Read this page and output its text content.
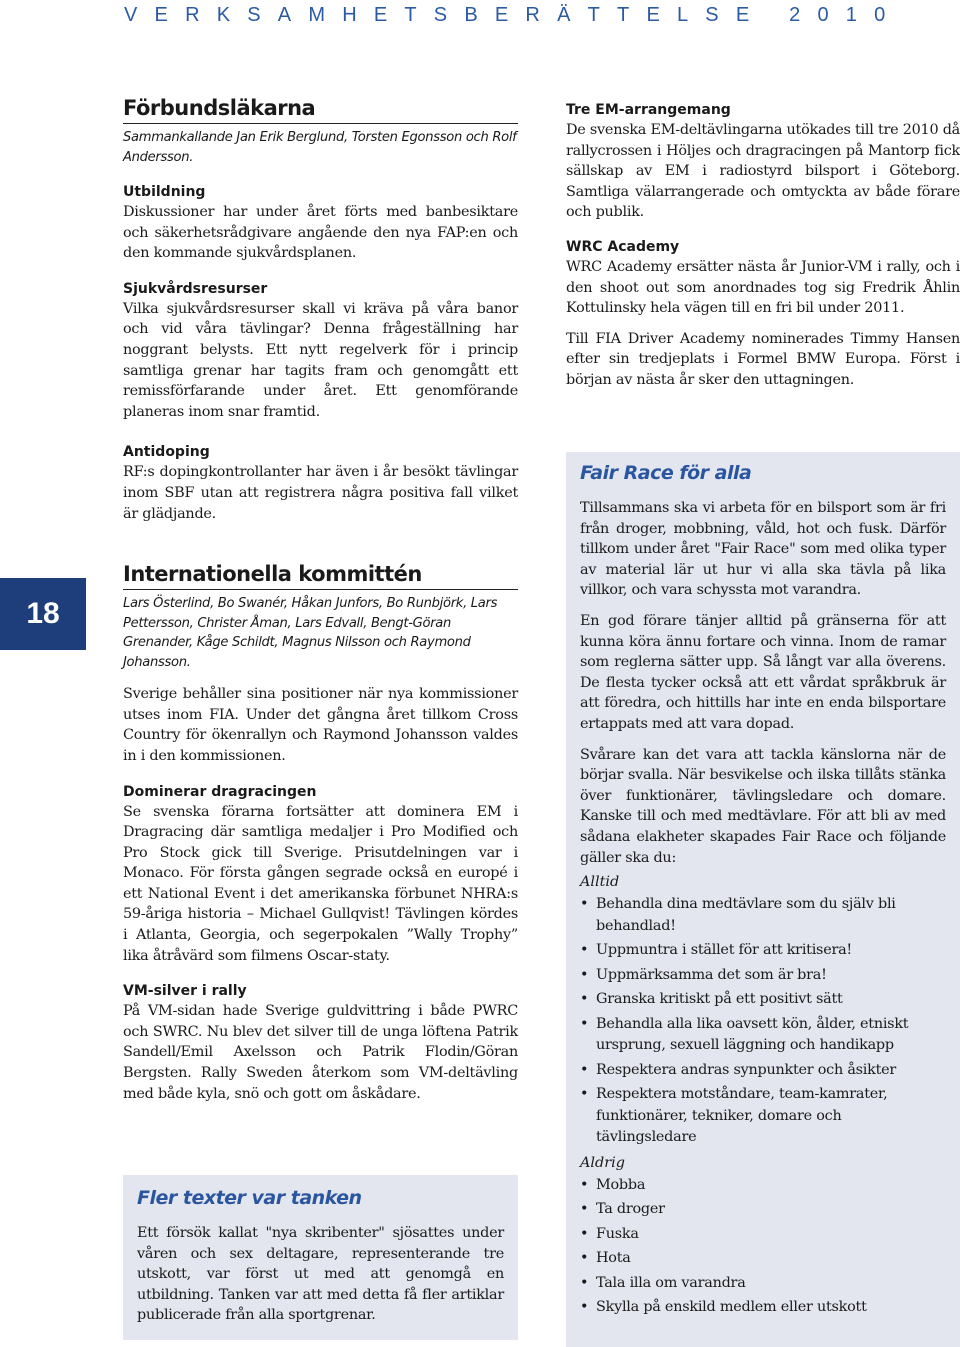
VERKSAMHETSBERÄTTELSE 2010
18
Förbundsläkarna

Sammankallande Jan Erik Berglund, Torsten Egonsson och Rolf Andersson.

Utbildning

Diskussioner har under året förts med banbesiktare och säkerhetsrådgivare angående den nya FAP:en och den kommande sjukvårdsplanen.

Sjukvårdsresurser

Vilka sjukvårdsresurser skall vi kräva på våra banor och vid våra tävlingar? Denna frågeställning har noggrant belysts. Ett nytt regelverk för i princip samtliga grenar har tagits fram och genomgått ett remissförfarande under året. Ett genomförande planeras inom snar framtid.

Antidoping

RF:s dopingkontrollanter har även i år besökt tävlingar inom SBF utan att registrera några positiva fall vilket är glädjande.

Internationella kommittén

Lars Österlind, Bo Swanér, Håkan Junfors, Bo Runbjörk, Lars Pettersson, Christer Åman, Lars Edvall, Bengt-Göran Grenander, Kåge Schildt, Magnus Nilsson och Raymond Johansson.

Sverige behåller sina positioner när nya kommissioner utses inom FIA. Under det gångna året tillkom Cross Country för ökenrallyn och Raymond Johansson valdes in i den kommissionen.

Dominerar dragracingen

Se svenska förarna fortsätter att dominera EM i Dragracing där samtliga medaljer i Pro Modified och Pro Stock gick till Sverige. Prisutdelningen var i Monaco. För första gången segrade också en europé i ett National Event i det amerikanska förbunet NHRA:s 59-åriga historia – Michael Gullqvist! Tävlingen kördes i Atlanta, Georgia, och segerpokalen ”Wally Trophy” lika åtråvärd som filmens Oscar-staty.

VM-silver i rally

På VM-sidan hade Sverige guldvittring i både PWRC och SWRC. Nu blev det silver till de unga löftena Patrik Sandell/Emil Axelsson och Patrik Flodin/Göran Bergsten. Rally Sweden återkom som VM-deltävling med både kyla, snö och gott om åskådare.

Fler texter var tanken

Ett försök kallat "nya skribenter" sjösattes under våren och sex deltagare, representerande tre utskott, var först ut med att genomgå en utbildning. Tanken var att med detta få fler artiklar publicerade från alla sportgrenar.

Tre EM-arrangemang

De svenska EM-deltävlingarna utökades till tre 2010 då rallycrossen i Höljes och dragracingen på Mantorp fick sällskap av EM i radiostyrd bilsport i Göteborg. Samtliga välarrangerade och omtyckta av både förare och publik.

WRC Academy

WRC Academy ersätter nästa år Junior-VM i rally, och i den shoot out som anordnades tog sig Fredrik Åhlin Kottulinsky hela vägen till en fri bil under 2011.

Till FIA Driver Academy nominerades Timmy Hansen efter sin tredjeplats i Formel BMW Europa. Först i början av nästa år sker den uttagningen.

Fair Race för alla

Tillsammans ska vi arbeta för en bilsport som är fri från droger, mobbning, våld, hot och fusk. Därför tillkom under året "Fair Race" som med olika typer av material lär ut hur vi alla ska tävla på lika villkor, och vara schyssta mot varandra.

En god förare tänjer alltid på gränserna för att kunna köra ännu fortare och vinna. Inom de ramar som reglerna sätter upp. Så långt var alla överens. De flesta tycker också att ett vårdat språkbruk är att föredra, och hittills har inte en enda bilsportare ertappats med att vara dopad.

Svårare kan det vara att tackla känslorna när de börjar svalla. När besvikelse och ilska tillåts stänka över funktionärer, tävlingsledare och domare. Kanske till och med medtävlare. För att bli av med sådana elakheter skapades Fair Race och följande gäller ska du:

Alltid
• Behandla dina medtävlare som du själv bli behandlad!
• Uppmuntra i stället för att kritisera!
• Uppmärksamma det som är bra!
• Granska kritiskt på ett positivt sätt
• Behandla alla lika oavsett kön, ålder, etniskt ursprung, sexuell läggning och handikapp
• Respektera andras synpunkter och åsikter
• Respektera motståndare, team-kamrater, funktionärer, tekniker, domare och tävlingsledare
Aldrig
• Mobba
• Ta droger
• Fuska
• Hota
• Tala illa om varandra
• Skylla på enskild medlem eller utskott
